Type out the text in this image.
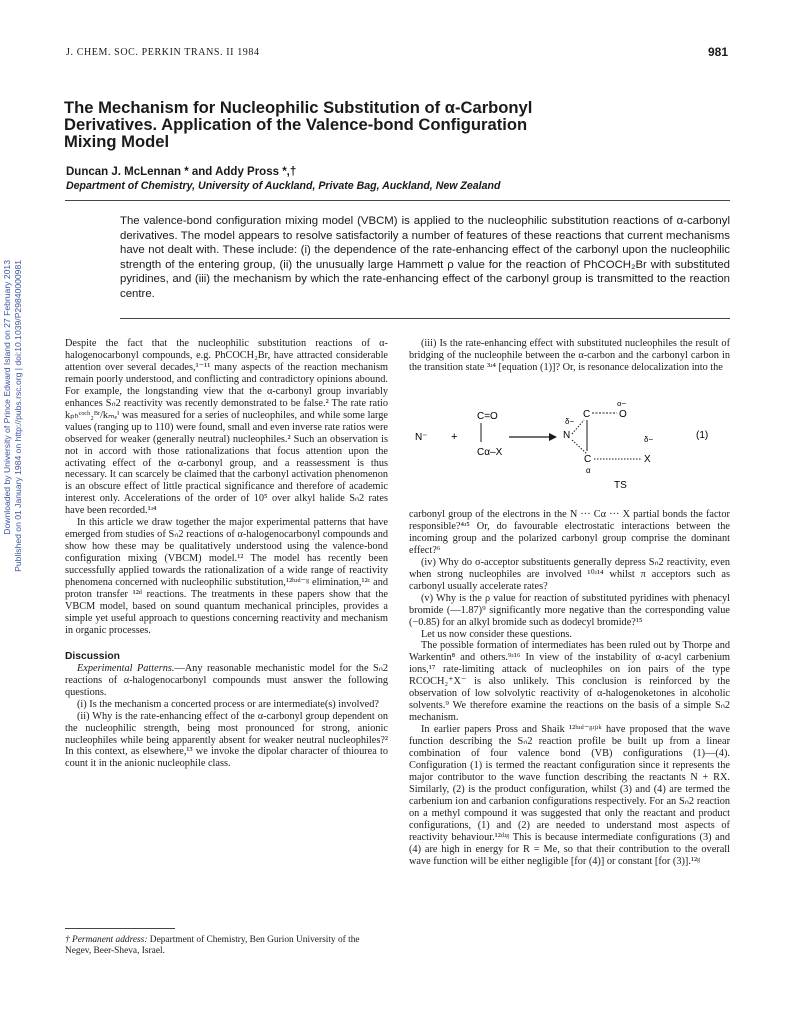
J. CHEM. SOC. PERKIN TRANS. II 1984	981
Downloaded by University of Prince Edward Island on 27 February 2013 Published on 01 January 1984 on http://pubs.rsc.org | doi:10.1039/P29840000981
The Mechanism for Nucleophilic Substitution of α-Carbonyl
Derivatives. Application of the Valence-bond Configuration
Mixing Model
Duncan J. McLennan * and Addy Pross *,†
Department of Chemistry, University of Auckland, Private Bag, Auckland, New Zealand
The valence-bond configuration mixing model (VBCM) is applied to the nucleophilic substitution reactions of α-carbonyl derivatives. The model appears to resolve satisfactorily a number of features of these reactions that current mechanisms have not dealt with. These include: (i) the dependence of the rate-enhancing effect of the carbonyl upon the nucleophilic strength of the entering group, (ii) the unusually large Hammett ρ value for the reaction of PhCOCH₂Br with substituted pyridines, and (iii) the mechanism by which the rate-enhancing effect of the carbonyl group is transmitted to the reaction centre.

Despite the fact that the nucleophilic substitution reactions of α-halogenocarbonyl compounds, e.g. PhCOCH₂Br, have attracted considerable attention over several decades,¹⁻¹¹ many aspects of the reaction mechanism remain poorly understood, and conflicting and contradictory opinions abound. For example, the longstanding view that the α-carbonyl group invariably enhances Sₙ2 reactivity was recently demonstrated to be false.² The rate ratio kₚₕᶜᵒᶜʰ₂ᴮʳ/kₘₑᴵ was measured for a series of nucleophiles, and while some large values (ranging up to 110) were found, small and even inverse rate ratios were observed for weaker (generally neutral) nucleophiles.² Such an observation is not in accord with those rationalizations that focus attention upon the activating effect of the α-carbonyl group, and a reassessment is thus necessary. It can scarcely be claimed that the carbonyl activation phenomenon is an obscure effect of little practical significance and therefore of academic interest only. Accelerations of the order of 10⁵ over alkyl halide Sₙ2 rates have been recorded.¹ʴ⁴

In this article we draw together the major experimental patterns that have emerged from studies of Sₙ2 reactions of α-halogenocarbonyl compounds and show how these may be qualitatively understood using the valence-bond configuration mixing (VBCM) model.¹² The model has recently been successfully applied towards the rationalization of a wide range of reactivity phenomena concerned with nucleophilic substitution,¹²ᵇʴᵈ⁻ᵍ elimination,¹²ᶜ and proton transfer ¹²ᵈ reactions. The treatments in these papers show that the VBCM model, based on sound quantum mechanical principles, provides a simple yet useful approach to questions concerning reactivity and mechanism in organic processes.

Discussion

Experimental Patterns.—Any reasonable mechanistic model for the Sₙ2 reactions of α-halogenocarbonyl compounds must answer the following questions.

(i) Is the mechanism a concerted process or are intermediate(s) involved?

(ii) Why is the rate-enhancing effect of the α-carbonyl group dependent on the nucleophilic strength, being most pronounced for strong, anionic nucleophiles while being apparently absent for weaker neutral nucleophiles?² In this context, as elsewhere,¹³ we invoke the dipolar character of thiourea to count it in the anionic nucleophile class.

† Permanent address: Department of Chemistry, Ben Gurion University of the Negev, Beer-Sheva, Israel.

(iii) Is the rate-enhancing effect with substituted nucleophiles the result of bridging of the nucleophile between the α-carbon and the carbonyl carbon in the transition state ³ʴ⁴ [equation (1)]? Or, is resonance delocalization into the

N⁻ +
C=O
Cα–X
δ−
C	O
δ−
N
C
α
X
δ−	(1)
TS

carbonyl group of the electrons in the N ··· Cα ··· X partial bonds the factor responsible?⁴ʴ⁵ Or, do favourable electrostatic interactions between the incoming group and the polarized carbonyl group comprise the dominant effect?⁶

(iv) Why do σ-acceptor substituents generally depress Sₙ2 reactivity, even when strong nucleophiles are involved ¹⁰ʴ¹⁴ whilst π acceptors such as carbonyl usually accelerate rates?

(v) Why is the ρ value for reaction of substituted pyridines with phenacyl bromide (—1.87)⁹ significantly more negative than the corresponding value (−0.85) for an alkyl bromide such as dodecyl bromide?¹⁵

Let us now consider these questions.

The possible formation of intermediates has been ruled out by Thorpe and Warkentin⁸ and others.⁹ʴ¹⁶ In view of the instability of α-acyl carbenium ions,¹⁷ rate-limiting attack of nucleophiles on ion pairs of the type RCOCH₂⁺X⁻ is also unlikely. This conclusion is reinforced by the observation of low solvolytic reactivity of α-halogenoketones in alcoholic solvents.⁹ We therefore examine the reactions on the basis of a simple Sₙ2 mechanism.

In earlier papers Pross and Shaik ¹²ᵇʴᵈ⁻ᵍʴʲʴᵏ have proposed that the wave function describing the Sₙ2 reaction profile be built up from a linear combination of four valence bond (VB) configurations (1)—(4). Configuration (1) is termed the reactant configuration since it represents the major contributor to the wave function describing the reactants N + RX. Similarly, (2) is the product configuration, whilst (3) and (4) are termed the carbenium ion and carbanion configurations respectively. For an Sₙ2 reaction on a methyl compound it was suggested that only the reactant and product configurations, (1) and (2) are needed to understand most aspects of reactivity behaviour.¹²ᵈʴᵍ This is because intermediate configurations (3) and (4) are high in energy for R = Me, so that their contribution to the overall wave function will be either negligible [for (4)] or constant [for (3)].¹²ᵍ
